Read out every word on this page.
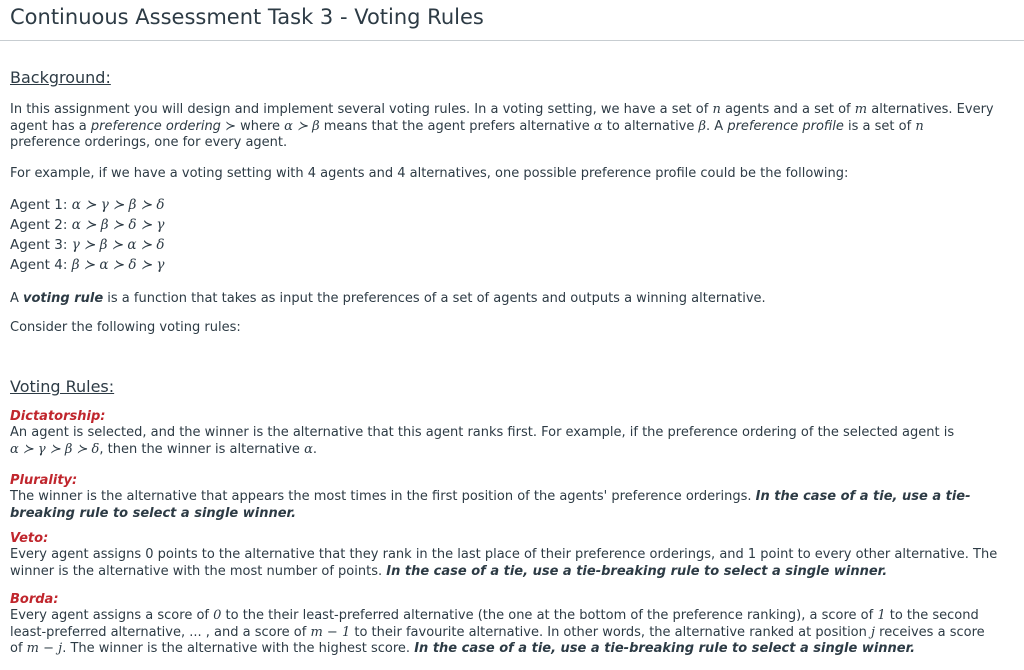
Continuous Assessment Task 3 - Voting Rules
Background:

In this assignment you will design and implement several voting rules. In a voting setting, we have a set of n agents and a set of m alternatives. Every agent has a preference ordering ≻ where α ≻ β means that the agent prefers alternative α to alternative β. A preference profile is a set of n preference orderings, one for every agent.

For example, if we have a voting setting with 4 agents and 4 alternatives, one possible preference profile could be the following:

Agent 1: α ≻ γ ≻ β ≻ δ
Agent 2: α ≻ β ≻ δ ≻ γ
Agent 3: γ ≻ β ≻ α ≻ δ
Agent 4: β ≻ α ≻ δ ≻ γ

A voting rule is a function that takes as input the preferences of a set of agents and outputs a winning alternative.

Consider the following voting rules:

Voting Rules:
Dictatorship:

An agent is selected, and the winner is the alternative that this agent ranks first. For example, if the preference ordering of the selected agent is
α ≻ γ ≻ β ≻ δ, then the winner is alternative α.

Plurality:

The winner is the alternative that appears the most times in the first position of the agents' preference orderings. In the case of a tie, use a tie-breaking rule to select a single winner.

Veto:

Every agent assigns 0 points to the alternative that they rank in the last place of their preference orderings, and 1 point to every other alternative. The winner is the alternative with the most number of points. In the case of a tie, use a tie-breaking rule to select a single winner.

Borda:

Every agent assigns a score of 0 to the their least-preferred alternative (the one at the bottom of the preference ranking), a score of 1 to the second least-preferred alternative, ... , and a score of m − 1 to their favourite alternative. In other words, the alternative ranked at position j receives a score of m − j. The winner is the alternative with the highest score. In the case of a tie, use a tie-breaking rule to select a single winner.
